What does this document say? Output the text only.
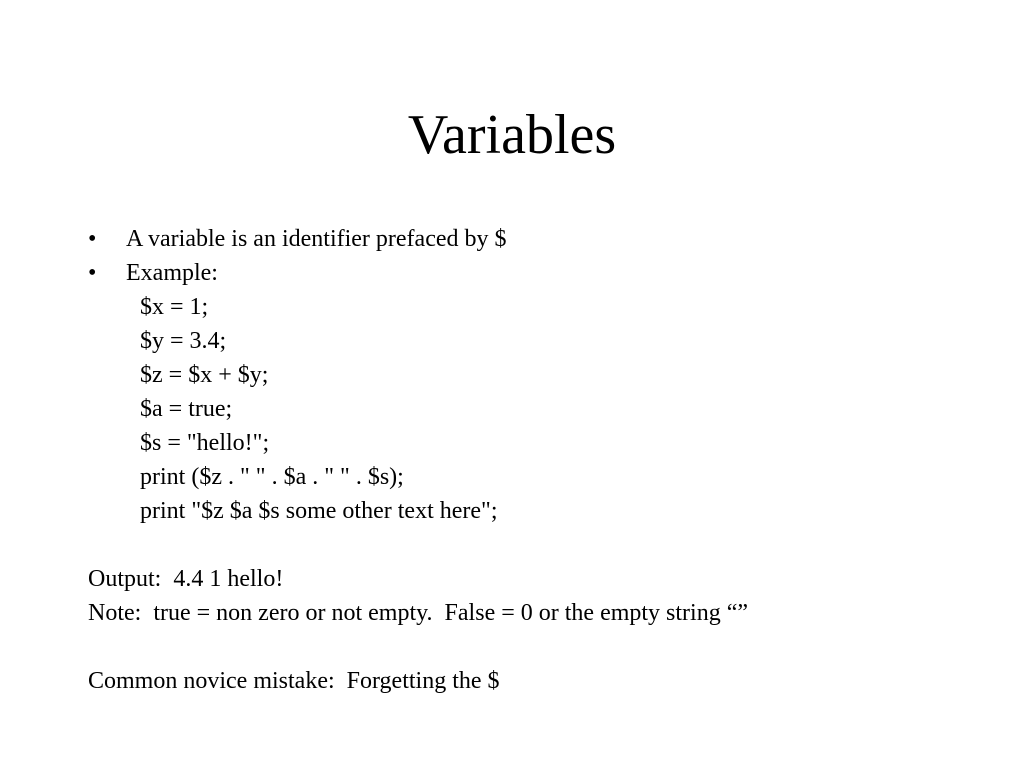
Variables

•

A variable is an identifier prefaced by $

•

Example:

$x = 1;
$y = 3.4;
$z = $x + $y;
$a = true;
$s = "hello!";
print ($z . " " . $a . " " . $s);
print "$z $a $s some other text here";
Output:  4.4 1 hello!
Note:  true = non zero or not empty.  False = 0 or the empty string “”
Common novice mistake:  Forgetting the $
